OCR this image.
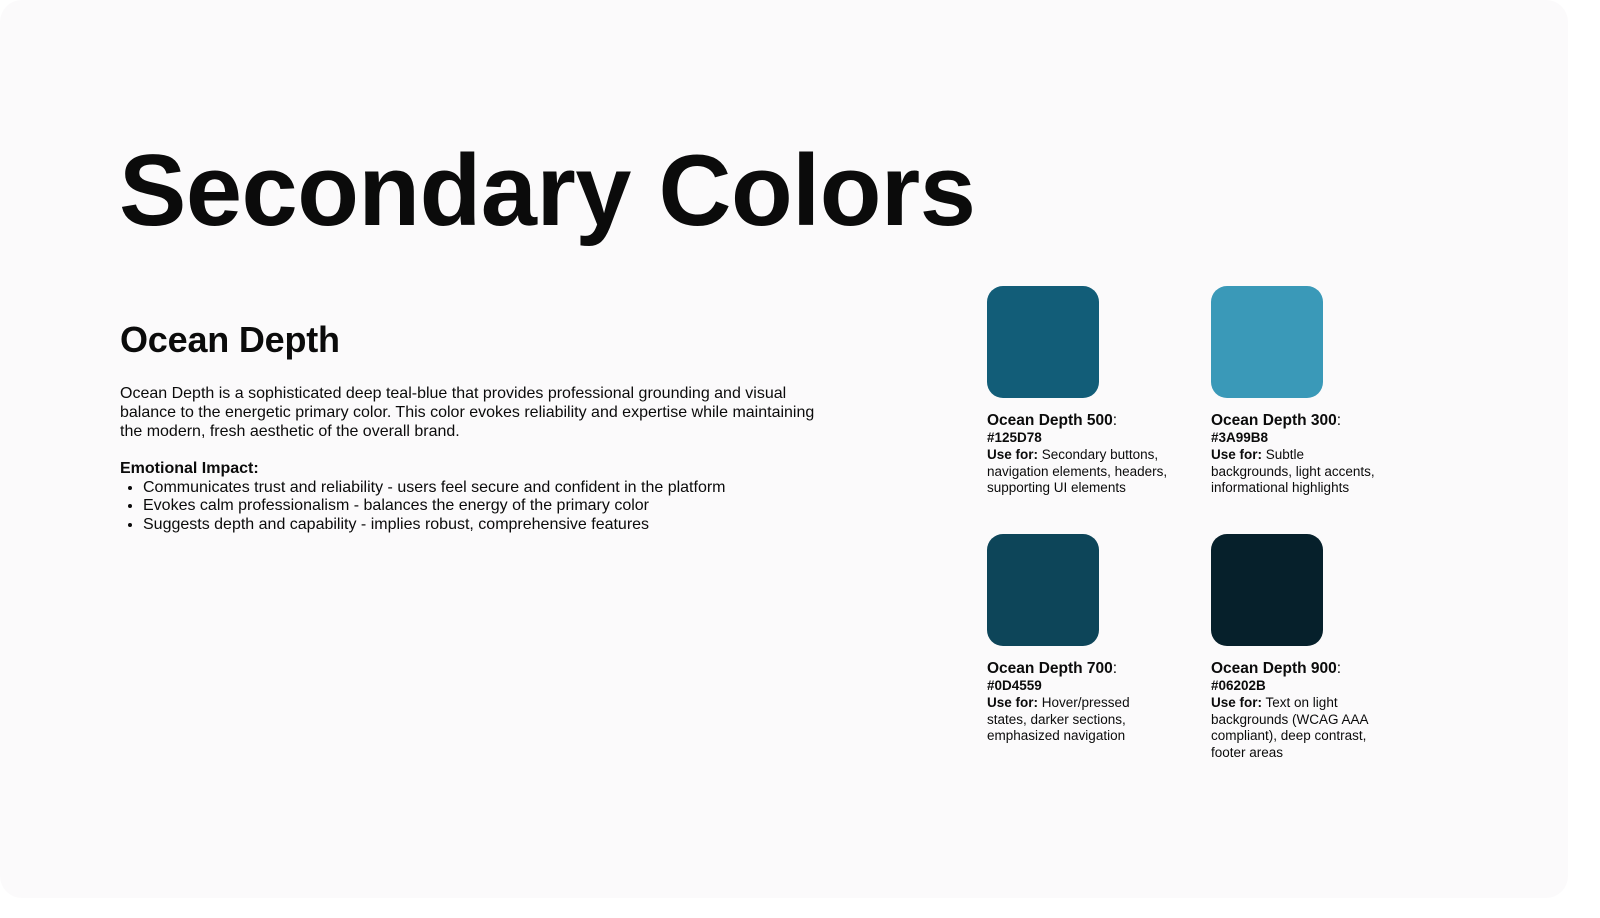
Secondary Colors
Ocean Depth

Ocean Depth is a sophisticated deep teal-blue that provides professional grounding and visual balance to the energetic primary color. This color evokes reliability and expertise while maintaining the modern, fresh aesthetic of the overall brand.

Emotional Impact:
• Communicates trust and reliability - users feel secure and confident in the platform
• Evokes calm professionalism - balances the energy of the primary color
• Suggests depth and capability - implies robust, comprehensive features
Ocean Depth 500:
#125D78
Use for: Secondary buttons, navigation elements, headers, supporting UI elements
Ocean Depth 300:
#3A99B8
Use for: Subtle backgrounds, light accents, informational highlights
Ocean Depth 700:
#0D4559
Use for: Hover/pressed states, darker sections, emphasized navigation
Ocean Depth 900:
#06202B
Use for: Text on light backgrounds (WCAG AAA compliant), deep contrast, footer areas
